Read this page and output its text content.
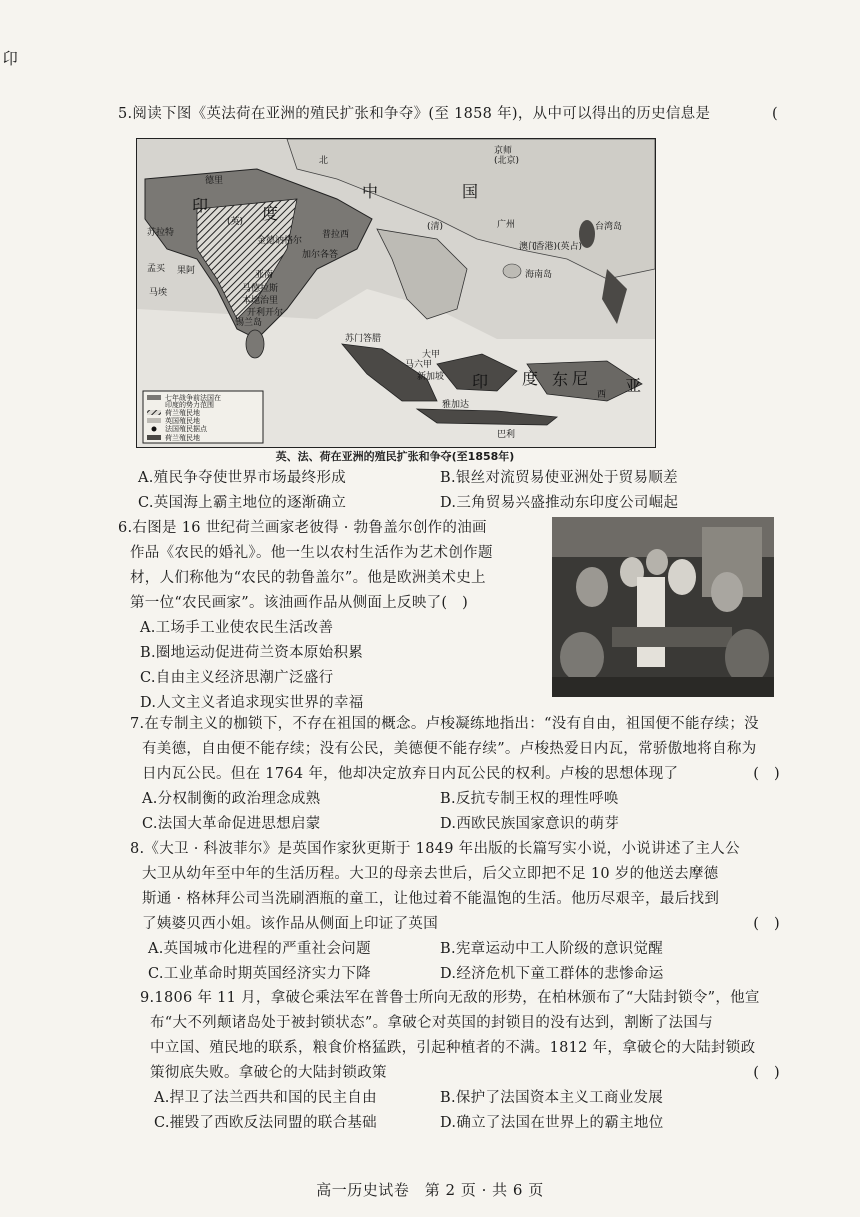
卬

5.阅读下图《英法荷在亚洲的殖民扩张和争夺》(至 1858 年)，从中可以得出的历史信息是	(
北
京师
(北京)
中	国
(清)
印	度
(英)
德里
苏拉特
加尔各答
普拉西
金德讷格尔
孟买
马德拉斯
本地治里
开利开尔
果阿
马埃
亚南
锡兰岛
台湾岛
澳门
(香港)(英占)
海南岛
马六甲
大甲
苏门答腊
新加坡 印 度 尼
西 亚
雅加达
巴利
东
广州
七年战争前法国在
印度的势力范围
荷兰殖民地
英国殖民地
法国殖民据点
荷兰殖民地
英、法、荷在亚洲的殖民扩张和争夺(至1858年)
A.殖民争夺使世界市场最终形成	B.银丝对流贸易使亚洲处于贸易顺差
C.英国海上霸主地位的逐渐确立	D.三角贸易兴盛推动东印度公司崛起
6.右图是 16 世纪荷兰画家老彼得 · 勃鲁盖尔创作的油画
作品《农民的婚礼》。他一生以农村生活作为艺术创作题
材，人们称他为“农民的勃鲁盖尔”。他是欧洲美术史上
第一位“农民画家”。该油画作品从侧面上反映了(　)
A.工场手工业使农民生活改善
B.圈地运动促进荷兰资本原始积累
C.自由主义经济思潮广泛盛行
D.人文主义者追求现实世界的幸福
7.在专制主义的枷锁下，不存在祖国的概念。卢梭凝练地指出：“没有自由，祖国便不能存续；没
有美德，自由便不能存续；没有公民，美德便不能存续”。卢梭热爱日内瓦，常骄傲地将自称为
日内瓦公民。但在 1764 年，他却决定放弃日内瓦公民的权利。卢梭的思想体现了	(　)
A.分权制衡的政治理念成熟	B.反抗专制王权的理性呼唤
C.法国大革命促进思想启蒙	D.西欧民族国家意识的萌芽
8.《大卫 · 科波菲尔》是英国作家狄更斯于 1849 年出版的长篇写实小说，小说讲述了主人公
大卫从幼年至中年的生活历程。大卫的母亲去世后，后父立即把不足 10 岁的他送去摩德
斯通 · 格林拜公司当洗刷酒瓶的童工，让他过着不能温饱的生活。他历尽艰辛，最后找到
了姨婆贝西小姐。该作品从侧面上印证了英国	(　)
A.英国城市化进程的严重社会问题	B.宪章运动中工人阶级的意识觉醒
C.工业革命时期英国经济实力下降	D.经济危机下童工群体的悲惨命运
9.1806 年 11 月，拿破仑乘法军在普鲁士所向无敌的形势，在柏林颁布了“大陆封锁令”，他宣
布“大不列颠诸岛处于被封锁状态”。拿破仑对英国的封锁目的没有达到，割断了法国与
中立国、殖民地的联系，粮食价格猛跌，引起种植者的不满。1812 年，拿破仑的大陆封锁政
策彻底失败。拿破仑的大陆封锁政策	(　)
A.捍卫了法兰西共和国的民主自由	B.保护了法国资本主义工商业发展
C.摧毁了西欧反法同盟的联合基础	D.确立了法国在世界上的霸主地位
高一历史试卷　第 2 页 · 共 6 页
